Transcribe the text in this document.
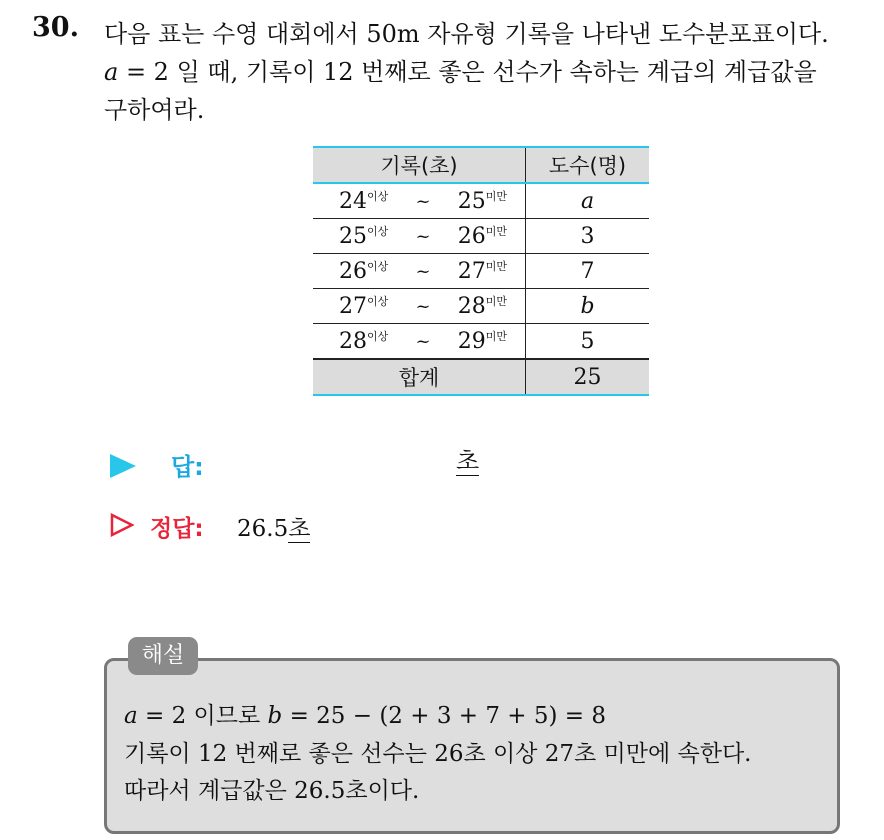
30. 다음 표는 수영 대회에서 50m 자유형 기록을 나타낸 도수분포표이다.
a = 2 일 때, 기록이 12 번째로 좋은 선수가 속하는 계급의 계급값을
구하여라.
기록(초)	도수(명)

$24^{이상}$ ~ $25^{미만}$	a

$25^{이상}$ ~ $26^{미만}$	3

$26^{이상}$ ~ $27^{미만}$	7

$27^{이상}$ ~ $28^{미만}$	b

$28^{이상}$ ~ $29^{미만}$	5
합계	25
답:	초
정답: 26.5초
해설
a = 2 이므로 b = 25 − (2 + 3 + 7 + 5) = 8
기록이 12 번째로 좋은 선수는 26초 이상 27초 미만에 속한다.
따라서 계급값은 26.5초이다.
